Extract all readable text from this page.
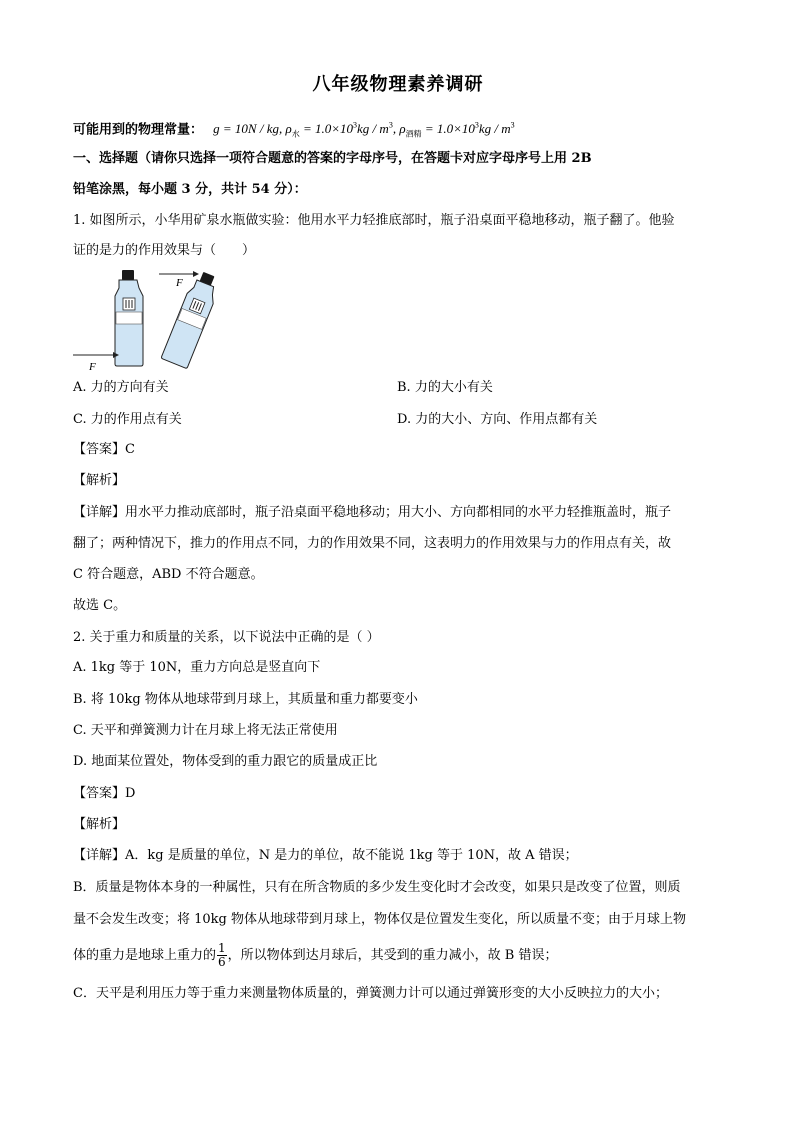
八年级物理素养调研
可能用到的物理常量： g = 10N / kg, $\rho_水 = 1.0\times 10^3kg / m^3$, $\rho_{酒精} = 1.0\times 10^3kg / m^3$
一、选择题（请你只选择一项符合题意的答案的字母序号，在答题卡对应字母序号上用 2B
铅笔涂黑，每小题 3 分，共计 54 分）：
1. 如图所示，小华用矿泉水瓶做实验：他用水平力轻推底部时，瓶子沿桌面平稳地移动，瓶子翻了。他验
证的是力的作用效果与（　　）
F
F
A. 力的方向有关	B. 力的大小有关
C. 力的作用点有关	D. 力的大小、方向、作用点都有关
【答案】C
【解析】
【详解】用水平力推动底部时，瓶子沿桌面平稳地移动；用大小、方向都相同的水平力轻推瓶盖时，瓶子
翻了；两种情况下，推力的作用点不同，力的作用效果不同，这表明力的作用效果与力的作用点有关，故
C 符合题意，ABD 不符合题意。
故选 C。
2. 关于重力和质量的关系，以下说法中正确的是（ ）
A. 1kg 等于 10N，重力方向总是竖直向下
B. 将 10kg 物体从地球带到月球上，其质量和重力都要变小
C. 天平和弹簧测力计在月球上将无法正常使用
D. 地面某位置处，物体受到的重力跟它的质量成正比
【答案】D
【解析】
【详解】A．kg 是质量的单位，N 是力的单位，故不能说 1kg 等于 10N，故 A 错误；
B．质量是物体本身的一种属性，只有在所含物质的多少发生变化时才会改变，如果只是改变了位置，则质
量不会发生改变；将 10kg 物体从地球带到月球上，物体仅是位置发生变化，所以质量不变；由于月球上物
体的重力是地球上重力的 $\frac{1}{6}$ ，所以物体到达月球后，其受到的重力减小，故 B 错误；
C．天平是利用压力等于重力来测量物体质量的，弹簧测力计可以通过弹簧形变的大小反映拉力的大小；
